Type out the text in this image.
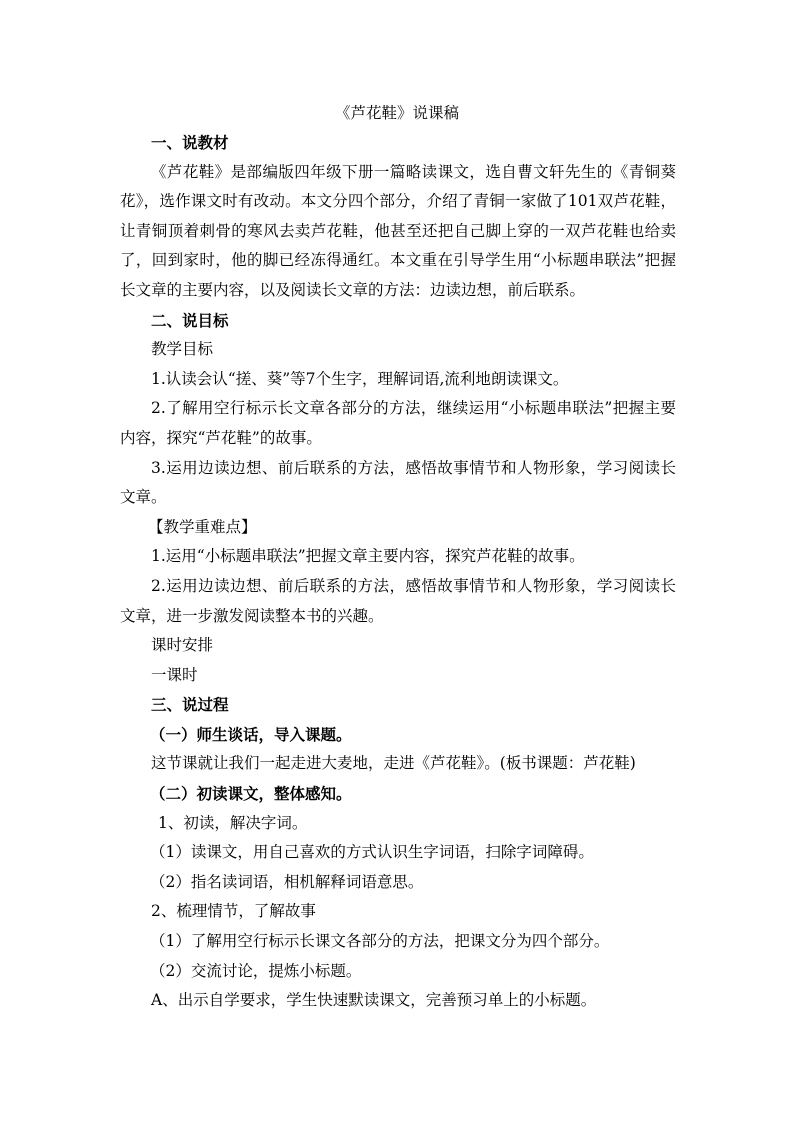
《芦花鞋》说课稿

一、说教材

《芦花鞋》是部编版四年级下册一篇略读课文，选自曹文轩先生的《青铜葵花》，选作课文时有改动。本文分四个部分，介绍了青铜一家做了101双芦花鞋，让青铜顶着刺骨的寒风去卖芦花鞋，他甚至还把自己脚上穿的一双芦花鞋也给卖了，回到家时，他的脚已经冻得通红。本文重在引导学生用“小标题串联法”把握长文章的主要内容，以及阅读长文章的方法：边读边想，前后联系。

二、说目标

教学目标

1.认读会认“搓、葵”等7个生字，理解词语,流利地朗读课文。

2.了解用空行标示长文章各部分的方法，继续运用“小标题串联法”把握主要内容，探究“芦花鞋”的故事。

3.运用边读边想、前后联系的方法，感悟故事情节和人物形象，学习阅读长文章。

【教学重难点】

1.运用“小标题串联法”把握文章主要内容，探究芦花鞋的故事。

2.运用边读边想、前后联系的方法，感悟故事情节和人物形象，学习阅读长文章，进一步激发阅读整本书的兴趣。

课时安排

一课时

三、说过程

（一）师生谈话，导入课题。

这节课就让我们一起走进大麦地，走进《芦花鞋》。(板书课题：芦花鞋)

（二）初读课文，整体感知。

1、初读，解决字词。

（1）读课文，用自己喜欢的方式认识生字词语，扫除字词障碍。

（2）指名读词语，相机解释词语意思。

2、梳理情节，了解故事

（1）了解用空行标示长课文各部分的方法，把课文分为四个部分。

（2）交流讨论，提炼小标题。

A、出示自学要求，学生快速默读课文，完善预习单上的小标题。
